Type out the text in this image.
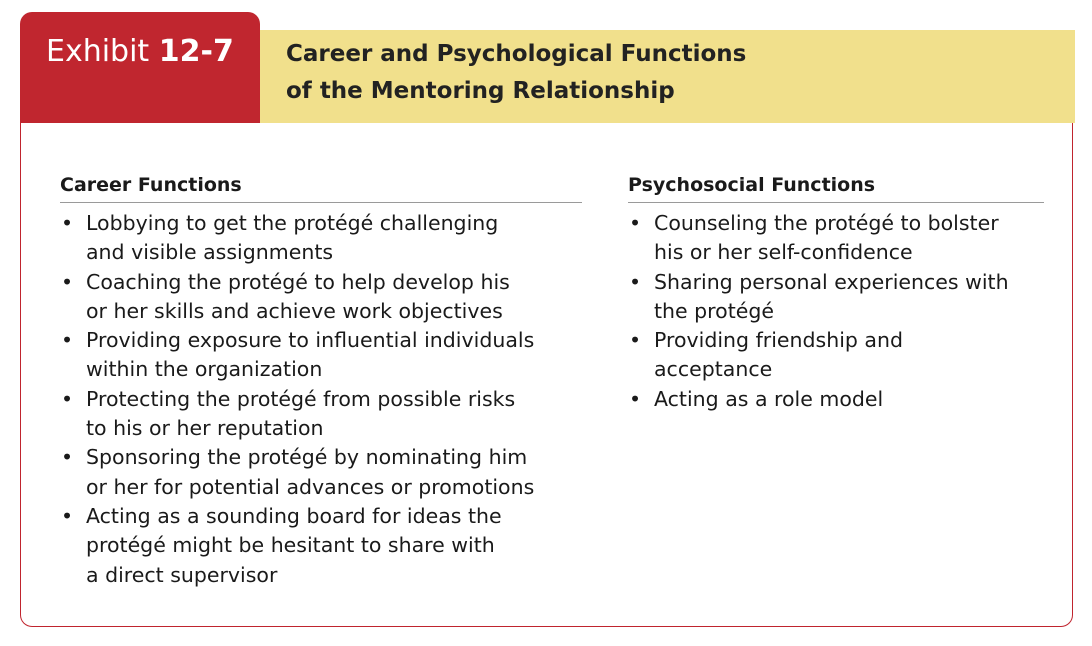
Exhibit 12-7 Career and Psychological Functions
of the Mentoring Relationship
Career Functions
• Lobbying to get the protégé challenging
and visible assignments
• Coaching the protégé to help develop his
or her skills and achieve work objectives
• Providing exposure to influential individuals
within the organization
• Protecting the protégé from possible risks
to his or her reputation
• Sponsoring the protégé by nominating him
or her for potential advances or promotions
• Acting as a sounding board for ideas the
protégé might be hesitant to share with
a direct supervisor
Psychosocial Functions
• Counseling the protégé to bolster
his or her self-confidence
• Sharing personal experiences with
the protégé
• Providing friendship and
acceptance
• Acting as a role model
